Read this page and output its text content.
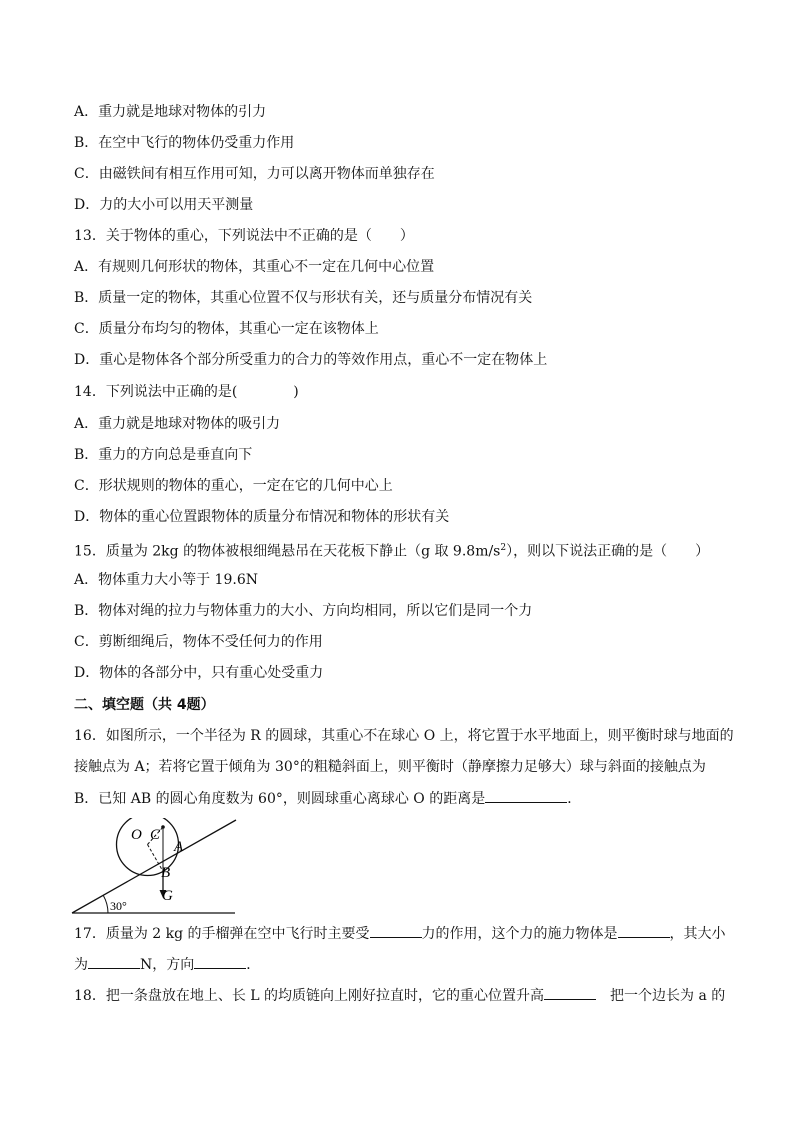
A．重力就是地球对物体的引力
B．在空中飞行的物体仍受重力作用
C．由磁铁间有相互作用可知，力可以离开物体而单独存在
D．力的大小可以用天平测量
13．关于物体的重心，下列说法中不正确的是（　　）
A．有规则几何形状的物体，其重心不一定在几何中心位置
B．质量一定的物体，其重心位置不仅与形状有关，还与质量分布情况有关
C．质量分布均匀的物体，其重心一定在该物体上
D．重心是物体各个部分所受重力的合力的等效作用点，重心不一定在物体上
14．下列说法中正确的是(　　　　)
A．重力就是地球对物体的吸引力
B．重力的方向总是垂直向下
C．形状规则的物体的重心，一定在它的几何中心上
D．物体的重心位置跟物体的质量分布情况和物体的形状有关
15．质量为 2kg 的物体被根细绳悬吊在天花板下静止（g 取 $9.8m/s^2$），则以下说法正确的是（　　）
A．物体重力大小等于 19.6N
B．物体对绳的拉力与物体重力的大小、方向均相同，所以它们是同一个力
C．剪断细绳后，物体不受任何力的作用
D．物体的各部分中，只有重心处受重力
二、填空题（共 4题）
16．如图所示，一个半径为 R 的圆球，其重心不在球心 O 上，将它置于水平地面上，则平衡时球与地面的
接触点为 A；若将它置于倾角为 30°的粗糙斜面上，则平衡时（静摩擦力足够大）球与斜面的接触点为
B．已知 AB 的圆心角度数为 60°，则圆球重心离球心 O 的距离是	．
O C
A
B
G
30°
17．质量为 2 kg 的手榴弹在空中飞行时主要受	力的作用，这个力的施力物体是	，其大小
为	N，方向	．
18．把一条盘放在地上、长 L 的均质链向上刚好拉直时，它的重心位置升高	　把一个边长为 a 的
